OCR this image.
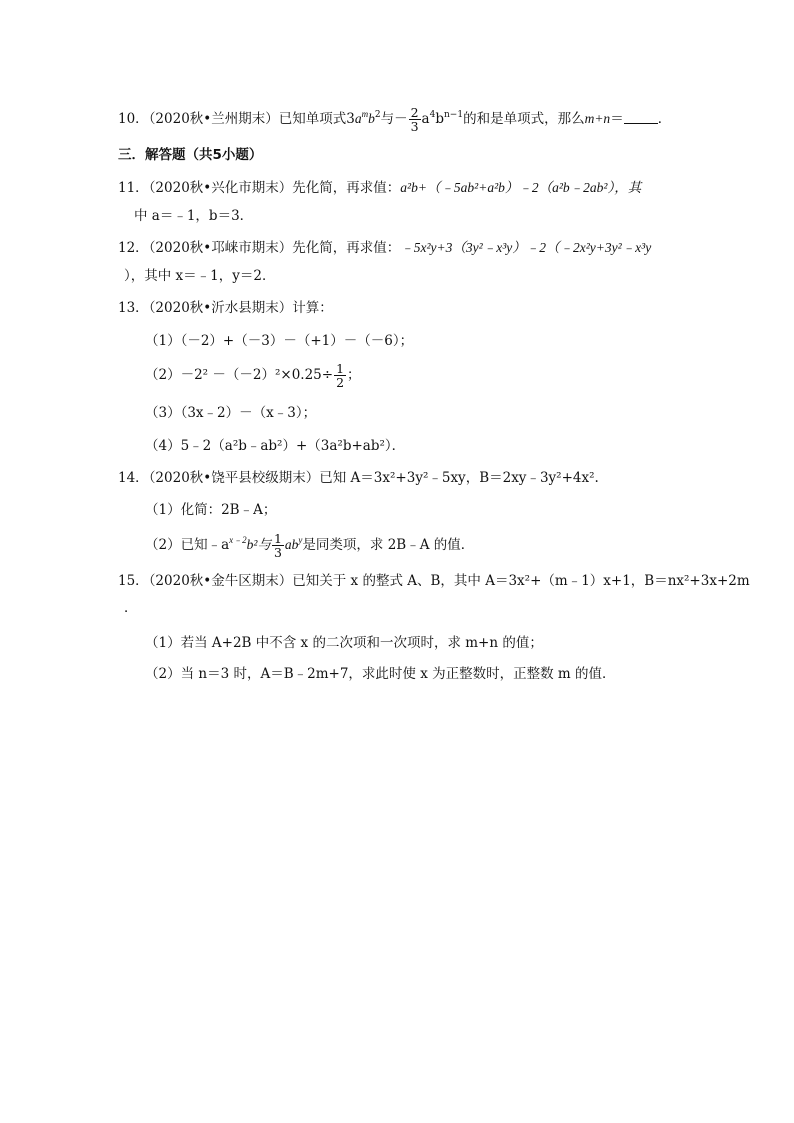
10．（2020秋•兰州期末）已知单项式$3a^mb^2$与－ $\frac{2}{3} a^4b^{n-1}$的和是单项式，那么m+n＝	．
三．解答题（共5小题）
11．（2020秋•兴化市期末）先化简，再求值：a²b+（﹣5ab²+a²b）﹣2（a²b﹣2ab²），其
中 a＝﹣1，b＝3．
12．（2020秋•邛崃市期末）先化简，再求值：﹣5x²y+3（3y²﹣x³y）﹣2（﹣2x²y+3y²﹣x³y
），其中 x＝﹣1，y＝2．
13．（2020秋•沂水县期末）计算：
（1）（－2）+（－3）－（+1）－（－6）；
$(2)-2^2 -(-2)^2\times 0.25\div \frac{1}{2}$ ；
（3）（3x﹣2）－（x﹣3）；
（4）5﹣2（a²b﹣ab²）+（3a²b+ab²）．
14．（2020秋•饶平县校级期末）已知 A＝3x²+3y²﹣5xy，B＝2xy﹣3y²+4x².
（1）化简：2B﹣A；
（2）已知$﹣a^{x﹣2}b^2$与 $\frac{1}{3} ab^y$是同类项，求 2B﹣A 的值．
15．（2020秋•金牛区期末）已知关于 x 的整式 A、B，其中 A＝3x²+（m﹣1）x+1，B＝nx²+3x+2m
．
（1）若当 A+2B 中不含 x 的二次项和一次项时，求 m+n 的值；
（2）当 n＝3 时，A＝B﹣2m+7，求此时使 x 为正整数时，正整数 m 的值．
